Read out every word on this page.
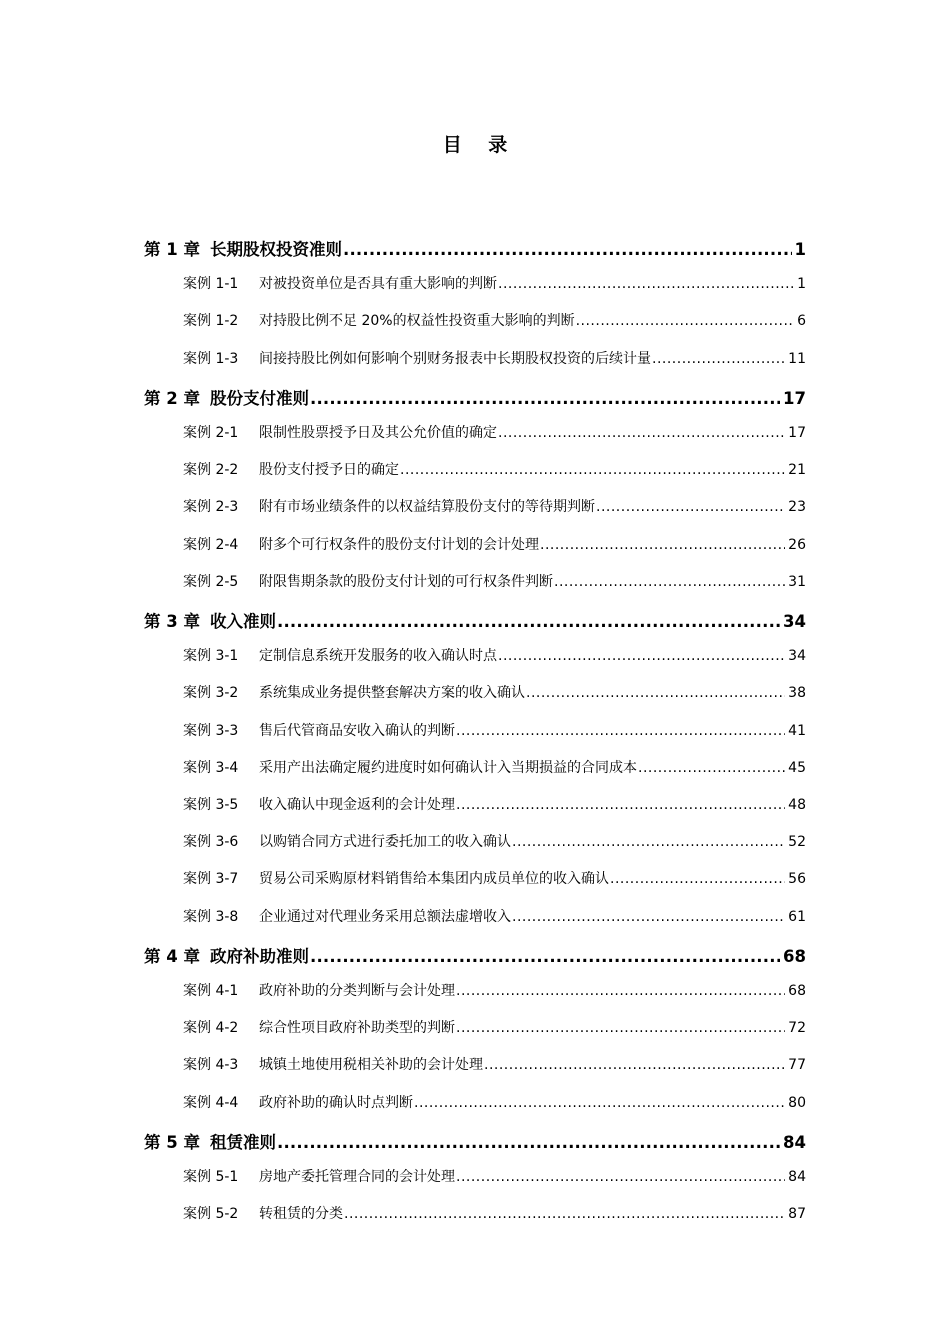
目 录
第 1 章 长期股权投资准则 .....	1
案例 1-1	对被投资单位是否具有重大影响的判断 .....	1
案例 1-2	对持股比例不足 20%的权益性投资重大影响的判断 .....	6
案例 1-3	间接持股比例如何影响个别财务报表中长期股权投资的后续计量 .....	11
第 2 章 股份支付准则 .....	17
案例 2-1	限制性股票授予日及其公允价值的确定 .....	17
案例 2-2	股份支付授予日的确定 .....	21
案例 2-3	附有市场业绩条件的以权益结算股份支付的等待期判断 .....	23
案例 2-4	附多个可行权条件的股份支付计划的会计处理 .....	26
案例 2-5	附限售期条款的股份支付计划的可行权条件判断 .....	31
第 3 章 收入准则 .....	34
案例 3-1	定制信息系统开发服务的收入确认时点 .....	34
案例 3-2	系统集成业务提供整套解决方案的收入确认 .....	38
案例 3-3	售后代管商品安收入确认的判断 .....	41
案例 3-4	采用产出法确定履约进度时如何确认计入当期损益的合同成本 .....	45
案例 3-5	收入确认中现金返利的会计处理 .....	48
案例 3-6	以购销合同方式进行委托加工的收入确认 .....	52
案例 3-7	贸易公司采购原材料销售给本集团内成员单位的收入确认 .....	56
案例 3-8	企业通过对代理业务采用总额法虚增收入 .....	61
第 4 章 政府补助准则 .....	68
案例 4-1	政府补助的分类判断与会计处理 .....	68
案例 4-2	综合性项目政府补助类型的判断 .....	72
案例 4-3	城镇土地使用税相关补助的会计处理 .....	77
案例 4-4	政府补助的确认时点判断 .....	80
第 5 章 租赁准则 .....	84
案例 5-1	房地产委托管理合同的会计处理 .....	84
案例 5-2	转租赁的分类 .....	87
